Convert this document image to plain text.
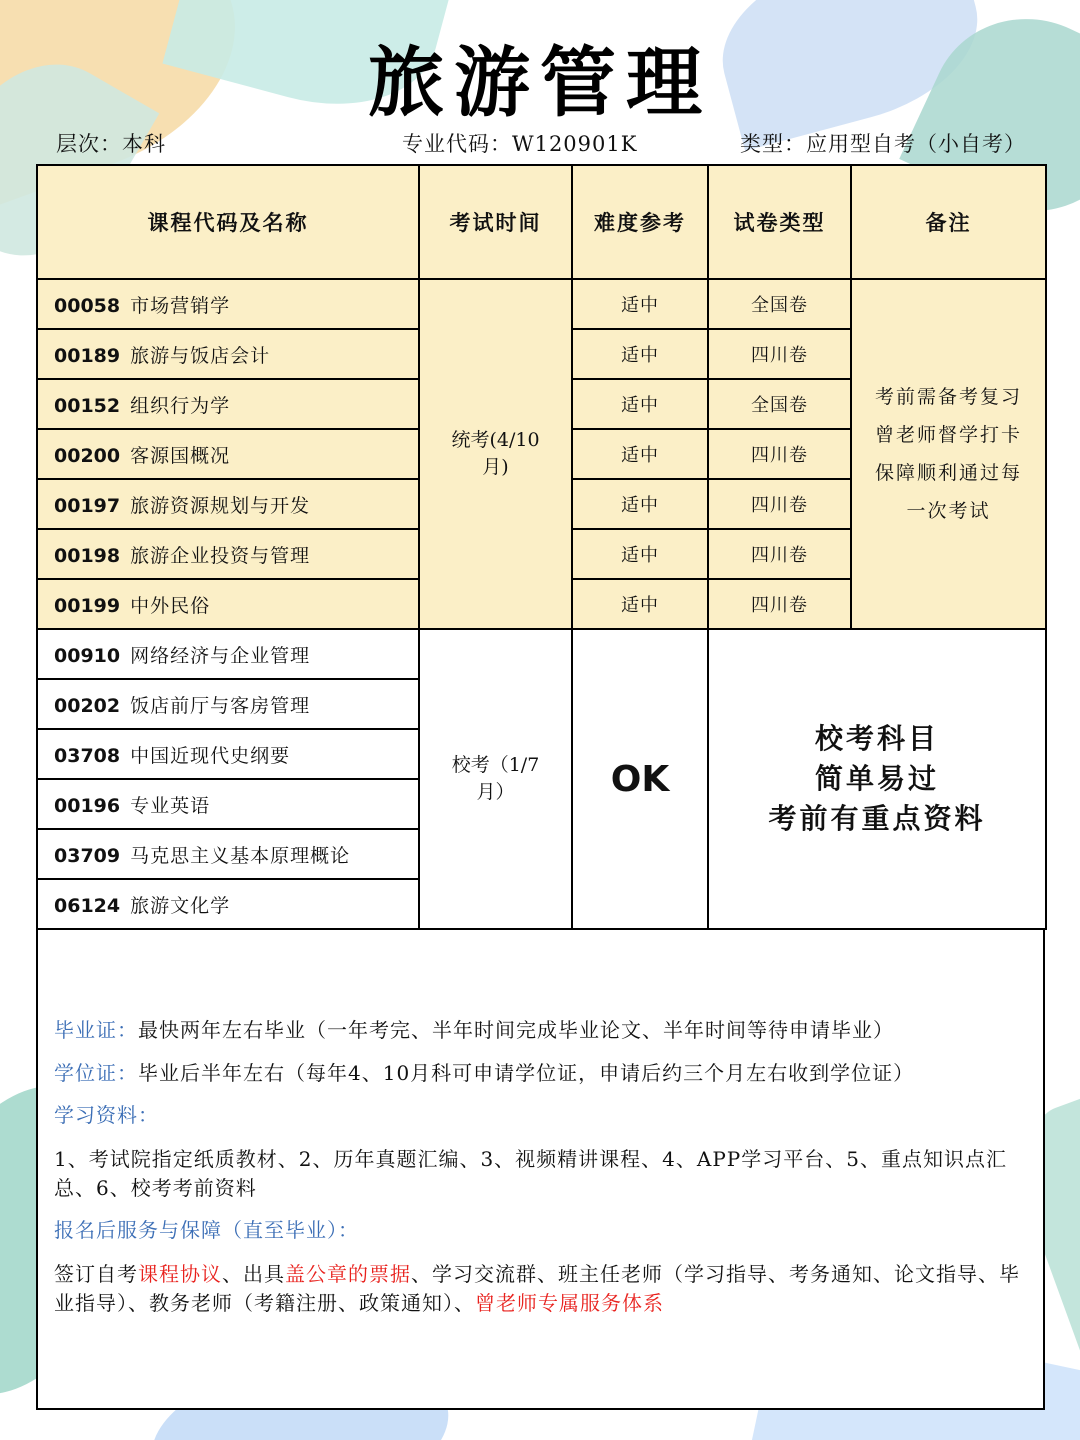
旅游管理
层次：本科	专业代码：W120901K	类型：应用型自考（小自考）
课程代码及名称	考试时间	难度参考	试卷类型	备注
00058 市场营销学	统考(4/10月)	适中	全国卷	考前需备考复习
曾老师督学打卡
保障顺利通过每
一次考试

00189 旅游与饭店会计		适中	四川卷	
00152 组织行为学		适中	全国卷	
00200 客源国概况		适中	四川卷	
00197 旅游资源规划与开发		适中	四川卷	
00198 旅游企业投资与管理		适中	四川卷	
00199 中外民俗		适中	四川卷	
00910 网络经济与企业管理	校考（1/7月）	OK	校考科目
简单易过
考前有重点资料	

00202 饭店前厅与客房管理				
03708 中国近现代史纲要				
00196 专业英语				
03709 马克思主义基本原理概论				
06124 旅游文化学				
毕业证：最快两年左右毕业（一年考完、半年时间完成毕业论文、半年时间等待申请毕业）
学位证：毕业后半年左右（每年4、10月科可申请学位证，申请后约三个月左右收到学位证）
学习资料：
1、考试院指定纸质教材、2、历年真题汇编、3、视频精讲课程、4、APP学习平台、5、重点知识点汇总、6、校考考前资料
报名后服务与保障（直至毕业）：
签订自考课程协议、出具盖公章的票据、学习交流群、班主任老师（学习指导、考务通知、论文指导、毕业指导）、教务老师（考籍注册、政策通知）、曾老师专属服务体系
